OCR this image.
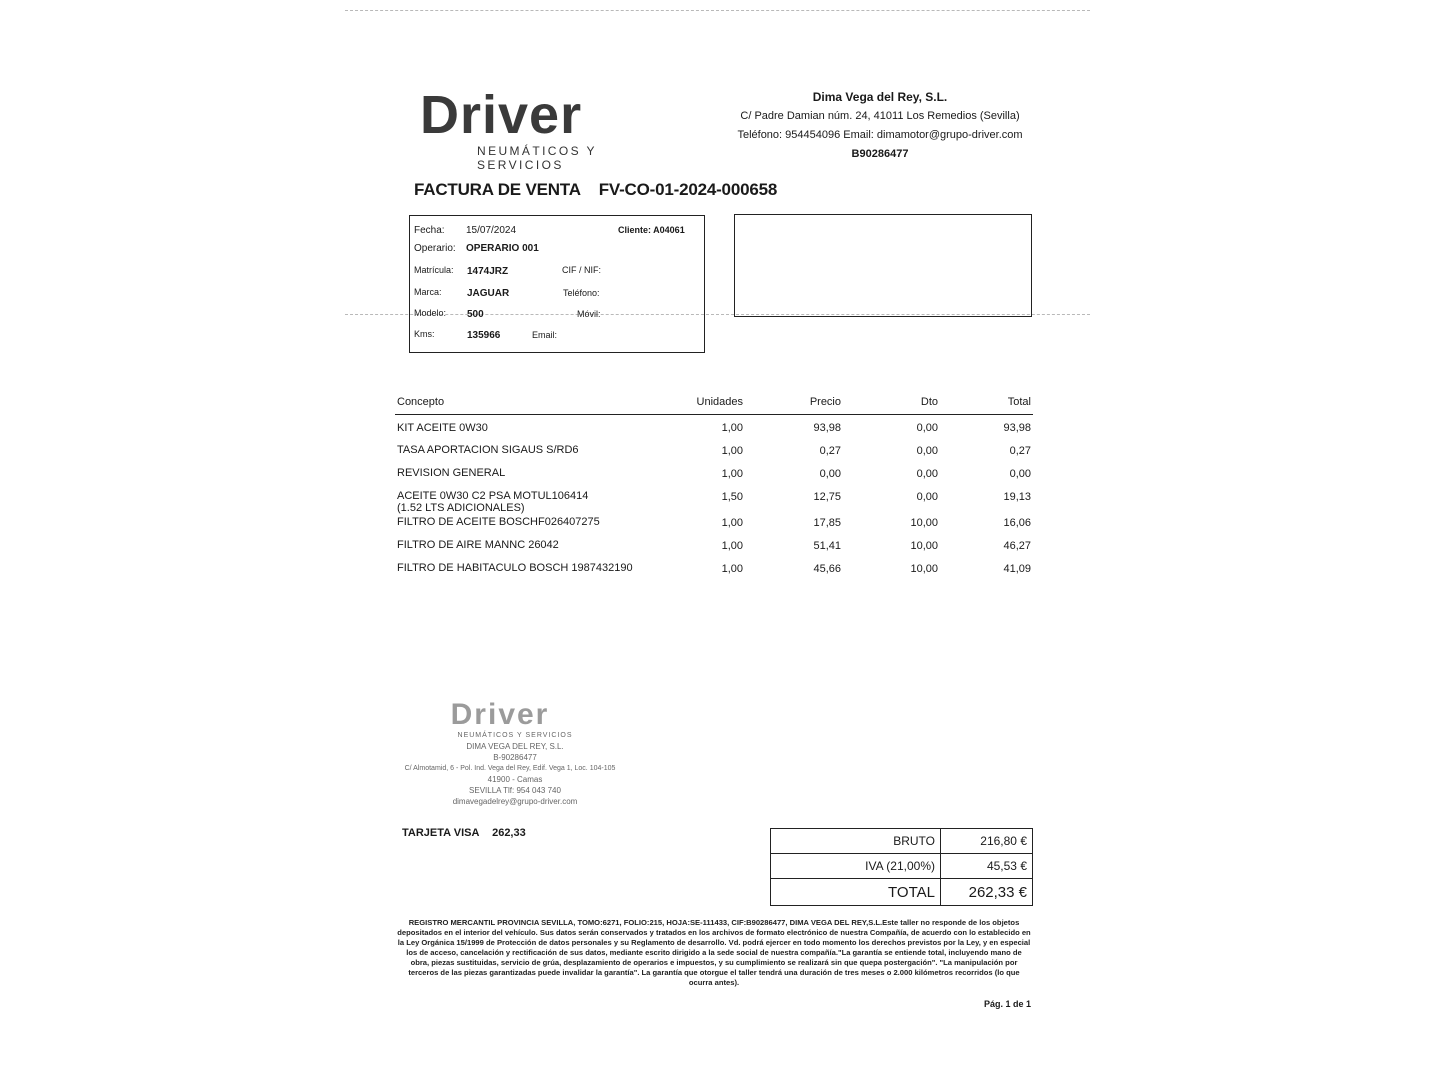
Driver
NEUMÁTICOS Y SERVICIOS
Dima Vega del Rey, S.L.
C/ Padre Damian núm. 24, 41011 Los Remedios (Sevilla)
Teléfono: 954454096 Email: dimamotor@grupo-driver.com
B90286477
FACTURA DE VENTA FV-CO-01-2024-000658
Fecha: 15/07/2024	Cliente: A04061
Operario: OPERARIO 001
Matrícula: 1474JRZ	CIF / NIF:
Marca:	JAGUAR	Teléfono:
Modelo: 500	Móvil:
Kms:	135966	Email:
Concepto	Unidades	Precio	Dto	Total
KIT ACEITE 0W30	1,00	93,98	0,00	93,98
TASA APORTACION SIGAUS S/RD6	1,00	0,27	0,00	0,27
REVISION GENERAL	1,00	0,00	0,00	0,00
ACEITE 0W30 C2 PSA MOTUL106414 (1.52 LTS ADICIONALES)	1,50	12,75	0,00	19,13
FILTRO DE ACEITE BOSCHF026407275	1,00	17,85	10,00	16,06
FILTRO DE AIRE MANNC 26042	1,00	51,41	10,00	46,27
FILTRO DE HABITACULO BOSCH 1987432190	1,00	45,66	10,00	41,09
Driver
NEUMÁTICOS Y SERVICIOS
DIMA VEGA DEL REY, S.L.
B-90286477
C/ Almotamid, 6 - Pol. Ind. Vega del Rey, Edif. Vega 1, Loc. 104-105
41900 - Camas
SEVILLA Tlf: 954 043 740
dimavegadelrey@grupo-driver.com
TARJETA VISA 262,33
BRUTO	216,80 €
IVA (21,00%)	45,53 €
TOTAL	262,33 €
REGISTRO MERCANTIL PROVINCIA SEVILLA, TOMO:6271, FOLIO:215, HOJA:SE-111433, CIF:B90286477, DIMA VEGA DEL REY,S.L.Este taller no responde de los objetos depositados en el interior del vehículo. Sus datos serán conservados y tratados en los archivos de formato electrónico de nuestra Compañía, de acuerdo con lo establecido en la Ley Orgánica 15/1999 de Protección de datos personales y su Reglamento de desarrollo. Vd. podrá ejercer en todo momento los derechos previstos por la Ley, y en especial los de acceso, cancelación y rectificación de sus datos, mediante escrito dirigido a la sede social de nuestra compañía."La garantía se entiende total, incluyendo mano de obra, piezas sustituidas, servicio de grúa, desplazamiento de operarios e impuestos, y su cumplimiento se realizará sin que quepa postergación". "La manipulación por terceros de las piezas garantizadas puede invalidar la garantía". La garantía que otorgue el taller tendrá una duración de tres meses o 2.000 kilómetros recorridos (lo que ocurra antes).
Pág. 1 de 1
